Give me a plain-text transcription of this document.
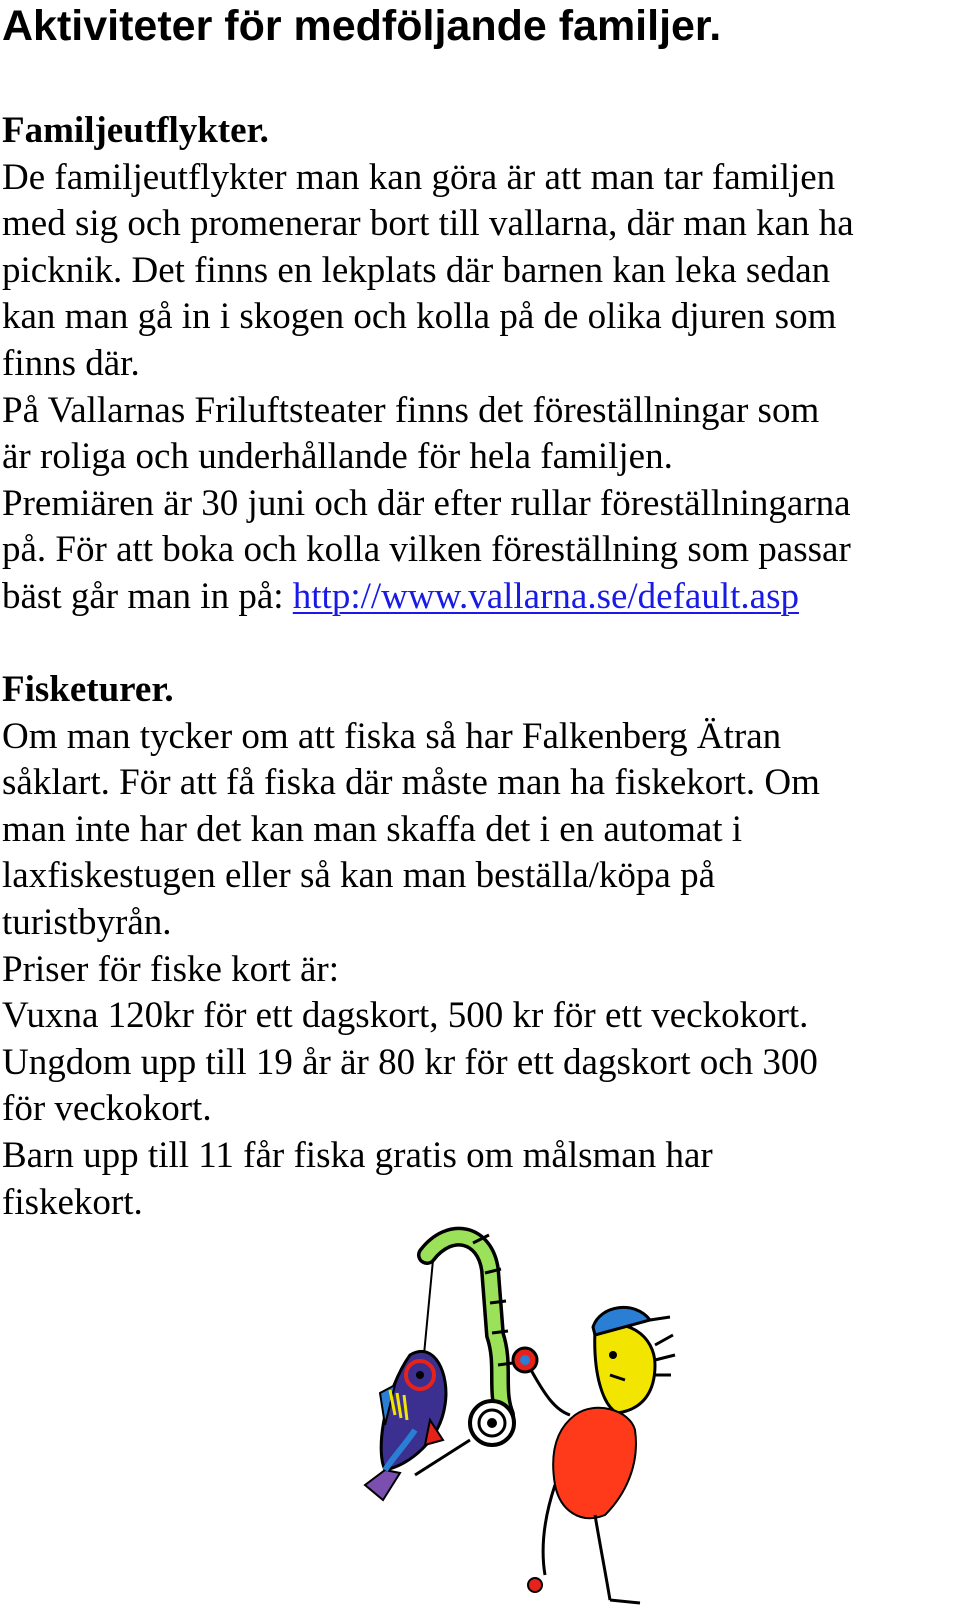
Aktiviteter för medföljande familjer.
Familjeutflykter.
De familjeutflykter man kan göra är att man tar familjen
med sig och promenerar bort till vallarna, där man kan ha
picknik. Det finns en lekplats där barnen kan leka sedan
kan man gå in i skogen och kolla på de olika djuren som
finns där.
På Vallarnas Friluftsteater finns det föreställningar som
är roliga och underhållande för hela familjen.
Premiären är 30 juni och där efter rullar föreställningarna
på. För att boka och kolla vilken föreställning som passar
bäst går man in på: http://www.vallarna.se/default.asp
Fisketurer.
Om man tycker om att fiska så har Falkenberg Ätran
såklart. För att få fiska där måste man ha fiskekort. Om
man inte har det kan man skaffa det i en automat i
laxfiskestugen eller så kan man beställa/köpa på
turistbyrån.
Priser för fiske kort är:
Vuxna 120kr för ett dagskort, 500 kr för ett veckokort.
Ungdom upp till 19 år är 80 kr för ett dagskort och 300
för veckokort.
Barn upp till 11 får fiska gratis om målsman har
fiskekort.
